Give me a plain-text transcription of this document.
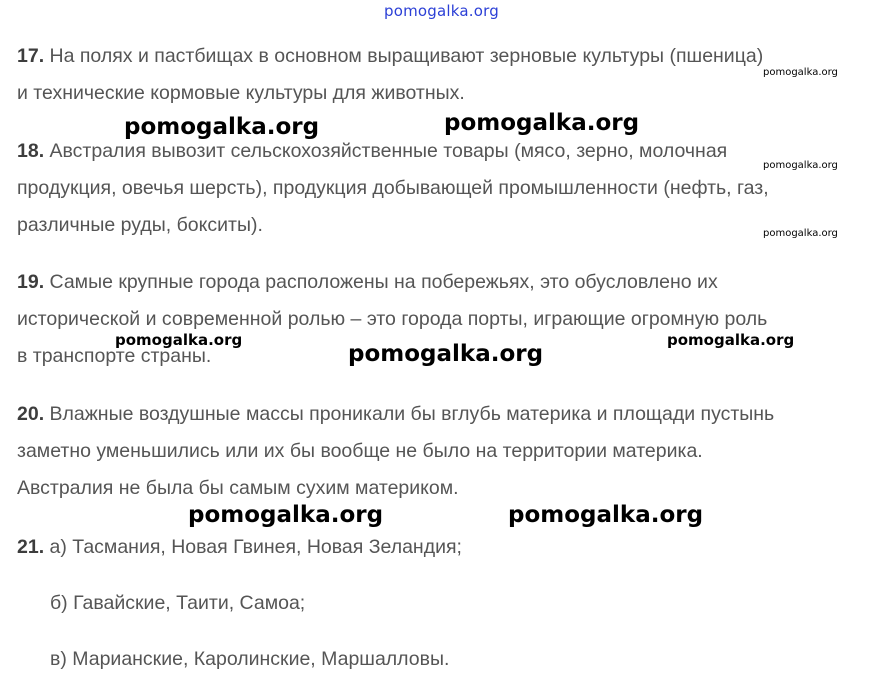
pomogalka.org
17. На полях и пастбищах в основном выращивают зерновые культуры (пшеница)
и технические кормовые культуры для животных.
18. Австралия вывозит сельскохозяйственные товары (мясо, зерно, молочная
продукция, овечья шерсть), продукция добывающей промышленности (нефть, газ,
различные руды, бокситы).
19. Самые крупные города расположены на побережьях, это обусловлено их
исторической и современной ролью – это города порты, играющие огромную роль
в транспорте страны.
20. Влажные воздушные массы проникали бы вглубь материка и площади пустынь
заметно уменьшились или их бы вообще не было на территории материка.
Австралия не была бы самым сухим материком.
21. а) Тасмания, Новая Гвинея, Новая Зеландия;
б) Гавайские, Таити, Самоа;
в) Марианские, Каролинские, Маршалловы.
pomogalka.org
pomogalka.org	pomogalka.org
pomogalka.org
pomogalka.org
pomogalka.org	pomogalka.org
pomogalka.org
pomogalka.org	pomogalka.org
